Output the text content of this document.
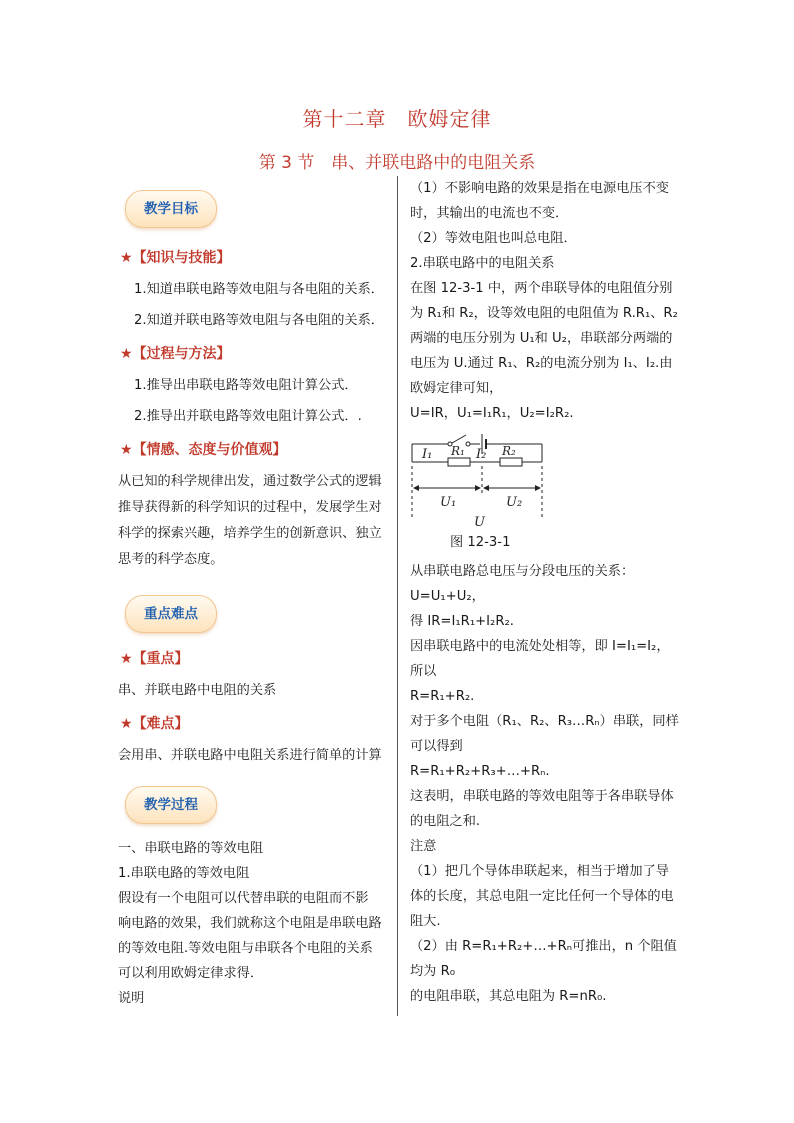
第十二章　欧姆定律
第 3 节　串、并联电路中的电阻关系
教学目标
★【知识与技能】
1.知道串联电路等效电阻与各电阻的关系．
2.知道并联电路等效电阻与各电阻的关系．
★【过程与方法】
1.推导出串联电路等效电阻计算公式．
2.推导出并联电路等效电阻计算公式．.
★【情感、态度与价值观】

从已知的科学规律出发，通过数学公式的逻辑

推导获得新的科学知识的过程中，发展学生对

科学的探索兴趣，培养学生的创新意识、独立

思考的科学态度。

重点难点
★【重点】
串、并联电路中电阻的关系
★【难点】
会用串、并联电路中电阻关系进行简单的计算
教学过程

一、串联电路的等效电阻

1.串联电路的等效电阻

假设有一个电阻可以代替串联的电阻而不影

响电路的效果，我们就称这个电阻是串联电路

的等效电阻.等效电阻与串联各个电阻的关系

可以利用欧姆定律求得．

说明

（1）不影响电路的效果是指在电源电压不变

时，其输出的电流也不变．

（2）等效电阻也叫总电阻．

2.串联电路中的电阻关系

在图 12-3-1 中，两个串联导体的电阻值分别

为 R₁和 R₂，设等效电阻的电阻值为 R.R₁、R₂

两端的电压分别为 U₁和 U₂，串联部分两端的

电压为 U.通过 R₁、R₂的电流分别为 I₁、I₂.由

欧姆定律可知，

U=IR，U₁=I₁R₁，U₂=I₂R₂.

I₁ R₁ I₂ R₂
U₁	U₂
U
图 12-3-1

从串联电路总电压与分段电压的关系：U=U₁+U₂，

得 IR=I₁R₁+I₂R₂.

因串联电路中的电流处处相等，即 I=I₁=I₂，

所以

R=R₁+R₂.

对于多个电阻（R₁、R₂、R₃…Rₙ）串联，同样

可以得到

R=R₁+R₂+R₃+…+Rₙ.

这表明，串联电路的等效电阻等于各串联导体

的电阻之和.

注意

（1）把几个导体串联起来，相当于增加了导

体的长度，其总电阻一定比任何一个导体的电

阻大.

（2）由 R=R₁+R₂+…+Rₙ可推出，n 个阻值均为 R₀

的电阻串联，其总电阻为 R=nR₀.
